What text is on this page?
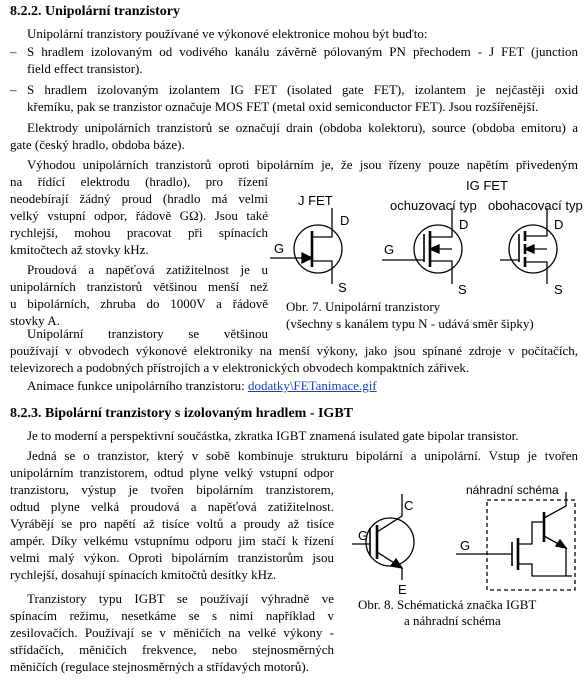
8.2.2. Unipolární tranzistory
Unipolární tranzistory používané ve výkonové elektronice mohou být buďto:
– S hradlem izolovaným od vodivého kanálu závěrně pólovaným PN přechodem - J FET (junction
field effect transistor).
– S hradlem izolovaným izolantem IG FET (isolated gate FET), izolantem je nejčastěji oxid
křemíku, pak se tranzistor označuje MOS FET (metal oxid semiconductor FET). Jsou rozšířenější.
Elektrody unipolárních tranzistorů se označují drain (obdoba kolektoru), source (obdoba emitoru) a
gate (český hradlo, obdoba báze).
Výhodou unipolárních tranzistorů oproti bipolárním je, že jsou řízeny pouze napětím přivedeným
na řídící elektrodu (hradlo), pro řízení
neodebírají žádný proud (hradlo má velmi
velký vstupní odpor, řádově GΩ). Jsou také
rychlejší, mohou pracovat při spínacích
kmitočtech až stovky kHz.
Proudová a napěťová zatižitelnost je u
unipolárních tranzistorů většinou menší než
u bipolárních, zhruba do 1000V a řádově
stovky A.
Unipolární tranzistory se většinou
používají v obvodech výkonové elektroniky na menší výkony, jako jsou spínané zdroje v počítačích,
televizorech a podobných přístrojích a v elektronických obvodech kompaktních zářivek.
Animace funkce unipolárního tranzistoru: dodatky\FETanimace.gif
J FET
IG FET
ochuzovací typ obohacovací typ
G
D
S
G
D
S
D
S
Obr. 7. Unipolární tranzistory
(všechny s kanálem typu N - udává směr šipky)
8.2.3. Bipolární tranzistory s izolovaným hradlem - IGBT
Je to moderní a perspektivní součástka, zkratka IGBT znamená isulated gate bipolar transistor.
Jedná se o tranzistor, který v sobě kombinuje strukturu bipolární a unipolární. Vstup je tvořen
unipolárním tranzistorem, odtud plyne velký vstupní odpor
tranzistoru, výstup je tvořen bipolárním tranzistorem,
odtud plyne velká proudová a napěťová zatižitelnost.
Vyrábějí se pro napětí až tisíce voltů a proudy až tisíce
ampér. Díky velkému vstupnímu odporu jim stačí k řízení
velmi malý výkon. Oproti bipolárním tranzistorům jsou
rychlejší, dosahují spínacích kmitočtů desítky kHz.
Tranzistory typu IGBT se používají výhradně ve
spínacím režimu, nesetkáme se s nimi například v
zesilovačích. Používají se v měničích na velké výkony -
střídačích, měničích frekvence, nebo stejnosměrných
měničích (regulace stejnosměrných a střídavých motorů).
G
C
E
G
náhradní schéma
Obr. 8. Schématická značka IGBT
a náhradní schéma
